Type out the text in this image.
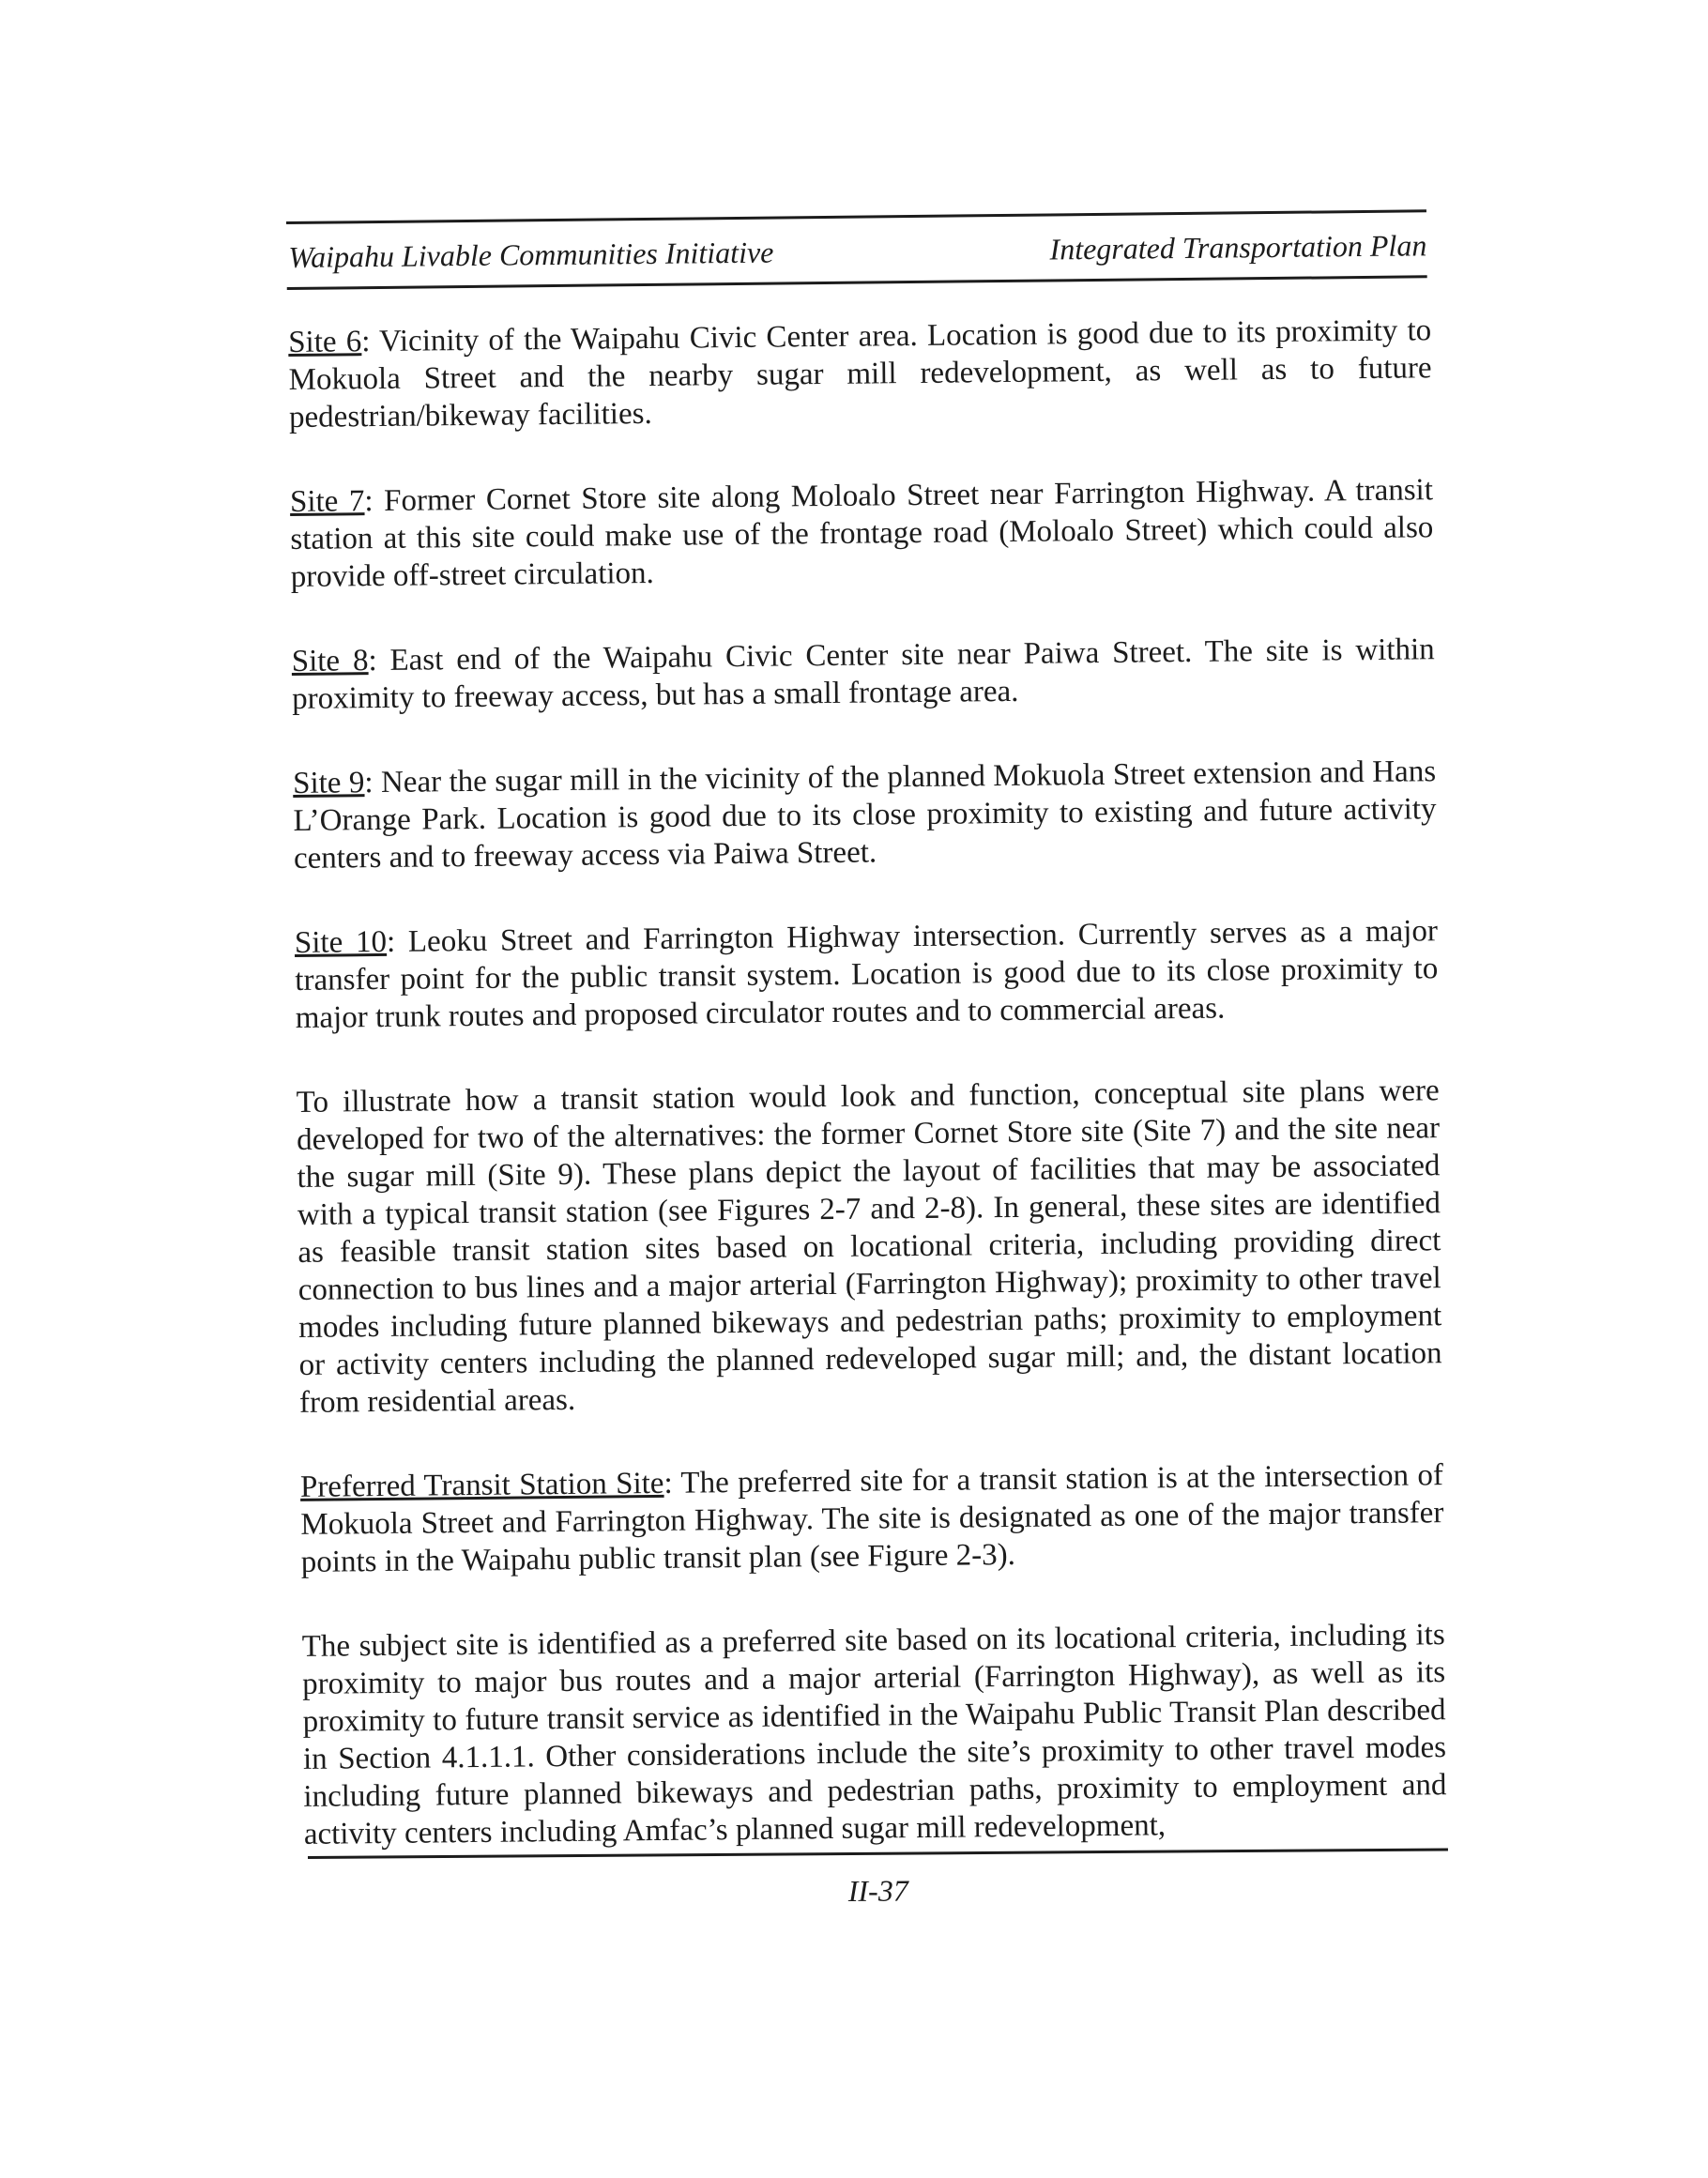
Waipahu Livable Communities Initiative	Integrated Transportation Plan

Site 6: Vicinity of the Waipahu Civic Center area. Location is good due to its proximity to Mokuola Street and the nearby sugar mill redevelopment, as well as to future pedestrian/bikeway facilities.

Site 7: Former Cornet Store site along Moloalo Street near Farrington Highway. A transit station at this site could make use of the frontage road (Moloalo Street) which could also provide off-street circulation.

Site 8: East end of the Waipahu Civic Center site near Paiwa Street. The site is within proximity to freeway access, but has a small frontage area.

Site 9: Near the sugar mill in the vicinity of the planned Mokuola Street extension and Hans L’Orange Park. Location is good due to its close proximity to existing and future activity centers and to freeway access via Paiwa Street.

Site 10: Leoku Street and Farrington Highway intersection. Currently serves as a major transfer point for the public transit system. Location is good due to its close proximity to major trunk routes and proposed circulator routes and to commercial areas.

To illustrate how a transit station would look and function, conceptual site plans were developed for two of the alternatives: the former Cornet Store site (Site 7) and the site near the sugar mill (Site 9). These plans depict the layout of facilities that may be associated with a typical transit station (see Figures 2-7 and 2-8). In general, these sites are identified as feasible transit station sites based on locational criteria, including providing direct connection to bus lines and a major arterial (Farrington Highway); proximity to other travel modes including future planned bikeways and pedestrian paths; proximity to employment or activity centers including the planned redeveloped sugar mill; and, the distant location from residential areas.

Preferred Transit Station Site: The preferred site for a transit station is at the intersection of Mokuola Street and Farrington Highway. The site is designated as one of the major transfer points in the Waipahu public transit plan (see Figure 2-3).

The subject site is identified as a preferred site based on its locational criteria, including its proximity to major bus routes and a major arterial (Farrington Highway), as well as its proximity to future transit service as identified in the Waipahu Public Transit Plan described in Section 4.1.1.1. Other considerations include the site’s proximity to other travel modes including future planned bikeways and pedestrian paths, proximity to employment and activity centers including Amfac’s planned sugar mill redevelopment,

II-37
